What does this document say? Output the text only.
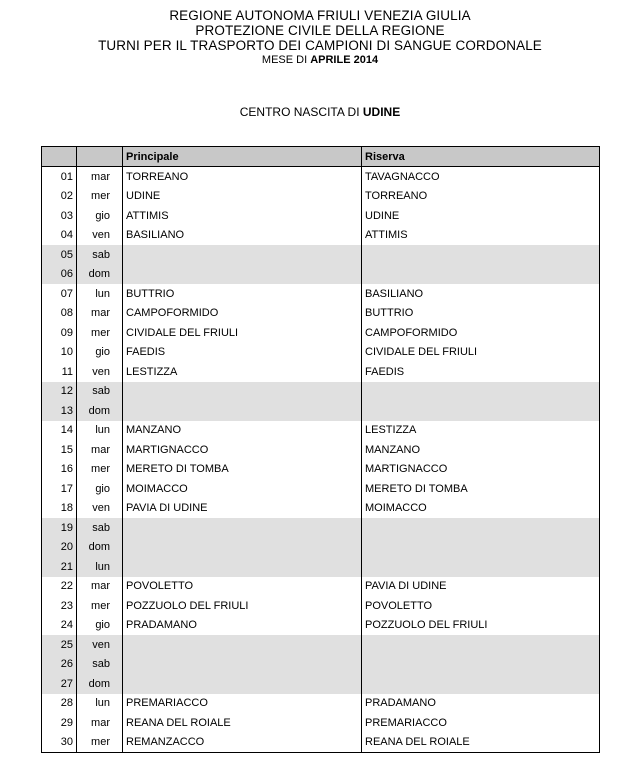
REGIONE AUTONOMA FRIULI VENEZIA GIULIA
PROTEZIONE CIVILE DELLA REGIONE
TURNI PER IL TRASPORTO DEI CAMPIONI DI SANGUE CORDONALE
MESE DI APRILE 2014
CENTRO NASCITA DI UDINE
		Principale	Riserva
01	mar	TORREANO	TAVAGNACCO
02	mer	UDINE	TORREANO
03	gio	ATTIMIS	UDINE
04	ven	BASILIANO	ATTIMIS
05	sab		
06	dom		
07	lun	BUTTRIO	BASILIANO
08	mar	CAMPOFORMIDO	BUTTRIO
09	mer	CIVIDALE DEL FRIULI	CAMPOFORMIDO
10	gio	FAEDIS	CIVIDALE DEL FRIULI
11	ven	LESTIZZA	FAEDIS
12	sab		
13	dom		
14	lun	MANZANO	LESTIZZA
15	mar	MARTIGNACCO	MANZANO
16	mer	MERETO DI TOMBA	MARTIGNACCO
17	gio	MOIMACCO	MERETO DI TOMBA
18	ven	PAVIA DI UDINE	MOIMACCO
19	sab		
20	dom		
21	lun		
22	mar	POVOLETTO	PAVIA DI UDINE
23	mer	POZZUOLO DEL FRIULI	POVOLETTO
24	gio	PRADAMANO	POZZUOLO DEL FRIULI
25	ven		
26	sab		
27	dom		
28	lun	PREMARIACCO	PRADAMANO
29	mar	REANA DEL ROIALE	PREMARIACCO
30	mer	REMANZACCO	REANA DEL ROIALE
